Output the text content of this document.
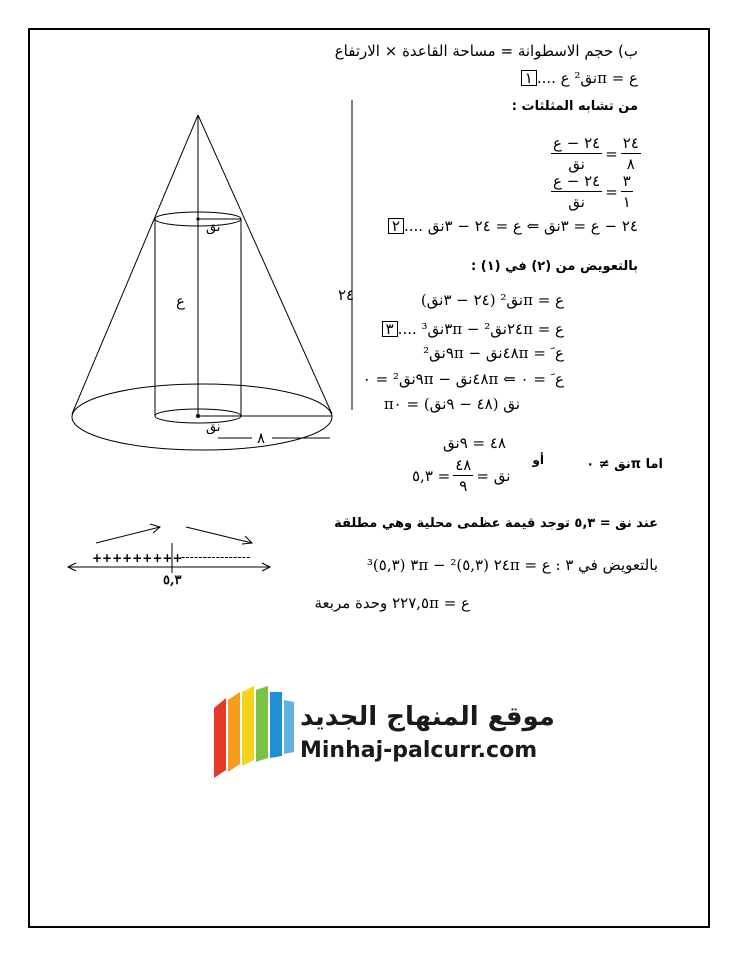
ع
نق
نق
٢٤
٨
ب) حجم الاسطوانة = مساحة القاعدة × الارتفاع
ع = πنق² ع ....١
من تشابه المثلثات :
٢٤
٨
=
٢٤ − ع
نق
٣
١
=
٢٤ − ع
نق
٢٤ − ع = ٣نق ⇐ ع = ٢٤ − ٣نق ....٢
بالتعويض من (٢) في (١) :
ع = πنق² (٢٤ − ٣نق)
ع = ٢٤πنق² − ٣πنق³ ....٣
ع َ = ٤٨πنق − ٩πنق²
ع َ = ٠ ⇐ ٤٨πنق − ٩πنق² = ٠
πنق (٤٨ − ٩نق) = ٠
٤٨ = ٩نق
اما πنق ≠ ٠
أو
نق =
٤٨
٩
= ٥,٣
عند نق = ٥,٣ توجد قيمة عظمى محلية وهي مطلقة
+++++++++
----------------
٥,٣
بالتعويض في ٣ : ع = ٢٤π (٥,٣)² − ٣π (٥,٣)³
ع = ٢٢٧,٥π وحدة مربعة
موقع المنهاج الجديد
Minhaj-palcurr.com
